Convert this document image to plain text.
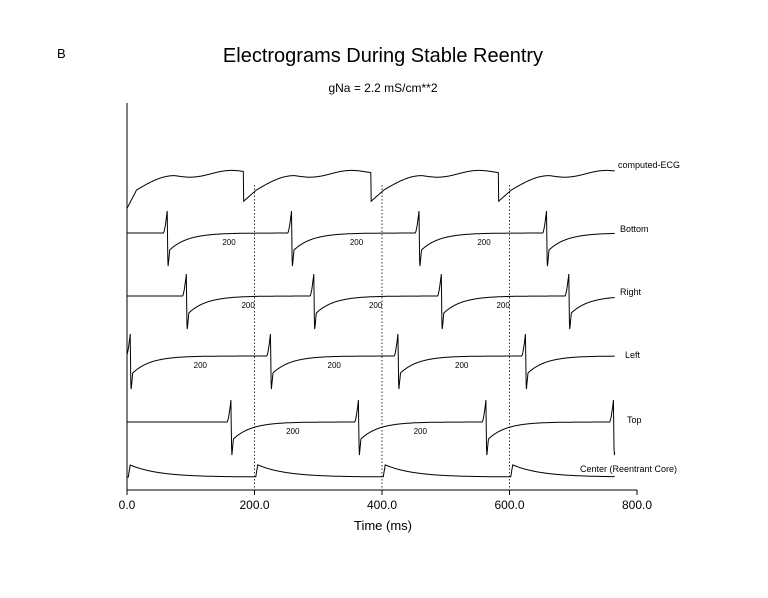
B	Electrograms During Stable Reentry
gNa = 2.2 mS/cm**2
Time (ms)
0.0	200.0	400.0	600.0	800.0
computed-ECG
Bottom
200	200	200
Right
200	200	200
Left
200	200	200
Top
200	200
Center (Reentrant Core)
